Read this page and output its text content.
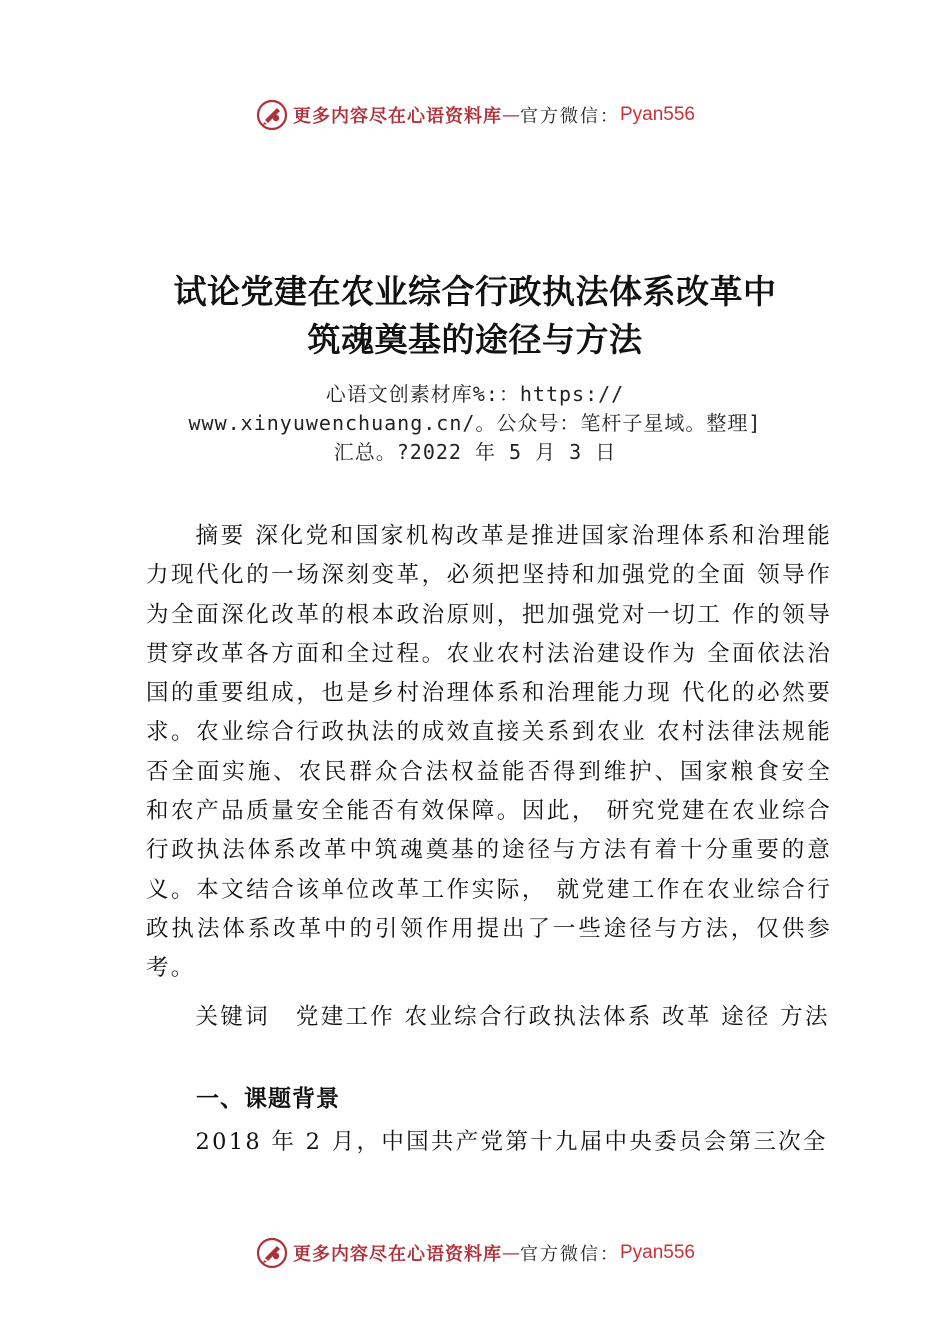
更多内容尽在心语资料库 — 官方微信： Pyan556
试论党建在农业综合行政执法体系改革中
筑魂奠基的途径与方法
心语文创素材库%:：https://
www.xinyuwenchuang.cn/。公众号：笔杆子星域。整理]
汇总。?2022 年 5 月 3 日

摘要 深化党和国家机构改革是推进国家治理体系和治理能力现代化的一场深刻变革，必须把坚持和加强党的全面 领导作为全面深化改革的根本政治原则，把加强党对一切工 作的领导贯穿改革各方面和全过程。农业农村法治建设作为 全面依法治国的重要组成，也是乡村治理体系和治理能力现 代化的必然要求。农业综合行政执法的成效直接关系到农业 农村法律法规能否全面实施、农民群众合法权益能否得到维护、国家粮食安全和农产品质量安全能否有效保障。因此， 研究党建在农业综合行政执法体系改革中筑魂奠基的途径与方法有着十分重要的意义。本文结合该单位改革工作实际， 就党建工作在农业综合行政执法体系改革中的引领作用提出了一些途径与方法，仅供参考。

关键词 党建工作 农业综合行政执法体系 改革 途径 方法

一、课题背景

2018 年 2 月，中国共产党第十九届中央委员会第三次全

更多内容尽在心语资料库 — 官方微信： Pyan556
